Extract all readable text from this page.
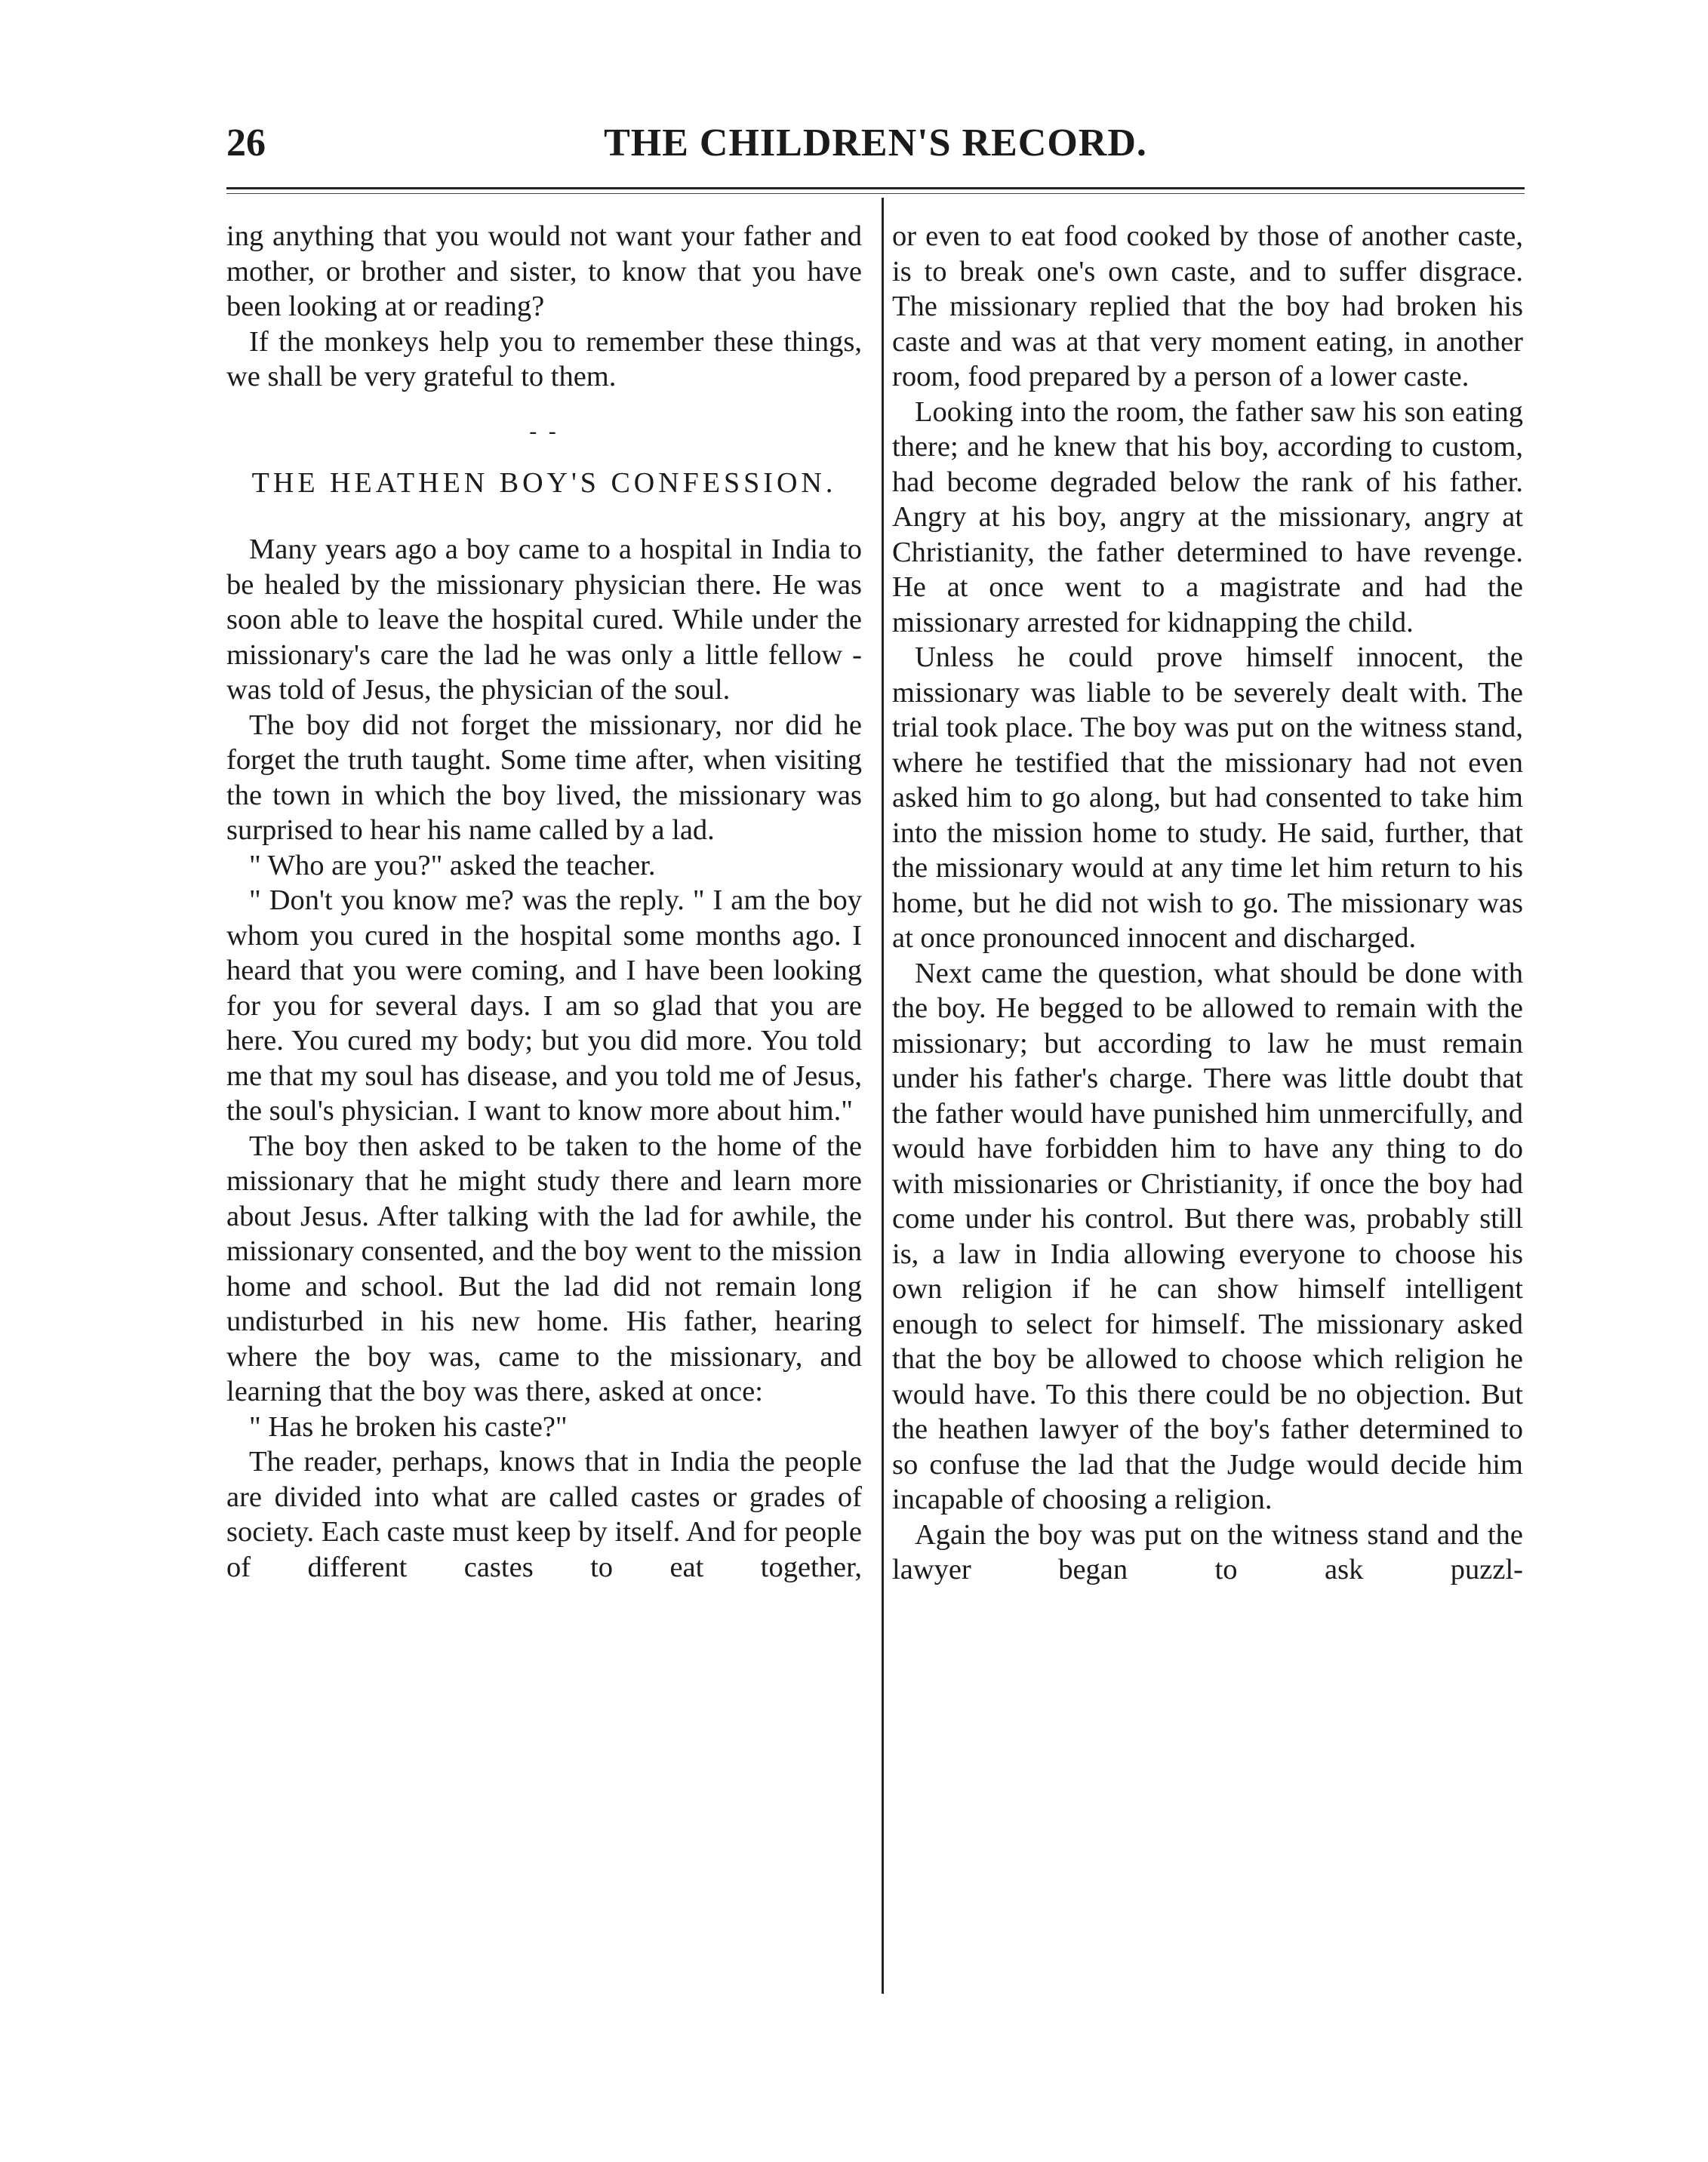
26	THE CHILDREN'S RECORD.

ing anything that you would not want your father and mother, or brother and sister, to know that you have been looking at or reading?

If the monkeys help you to remember these things, we shall be very grateful to them.

- -
THE HEATHEN BOY'S CONFESSION.

Many years ago a boy came to a hospital in India to be healed by the missionary physician there. He was soon able to leave the hospital cured. While under the missionary's care the lad he was only a little fellow - was told of Jesus, the physician of the soul.

The boy did not forget the missionary, nor did he forget the truth taught. Some time after, when visiting the town in which the boy lived, the missionary was surprised to hear his name called by a lad.

" Who are you?" asked the teacher.

" Don't you know me? was the reply. " I am the boy whom you cured in the hospital some months ago. I heard that you were coming, and I have been looking for you for several days. I am so glad that you are here. You cured my body; but you did more. You told me that my soul has disease, and you told me of Jesus, the soul's physician. I want to know more about him."

The boy then asked to be taken to the home of the missionary that he might study there and learn more about Jesus. After talking with the lad for awhile, the missionary consented, and the boy went to the mission home and school. But the lad did not remain long undisturbed in his new home. His father, hearing where the boy was, came to the missionary, and learning that the boy was there, asked at once:

" Has he broken his caste?"

The reader, perhaps, knows that in India the people are divided into what are called castes or grades of society. Each caste must keep by itself. And for people of different castes to eat together,

or even to eat food cooked by those of another caste, is to break one's own caste, and to suffer disgrace. The missionary replied that the boy had broken his caste and was at that very moment eating, in another room, food prepared by a person of a lower caste.

Looking into the room, the father saw his son eating there; and he knew that his boy, according to custom, had become degraded below the rank of his father. Angry at his boy, angry at the missionary, angry at Christianity, the father determined to have revenge. He at once went to a magistrate and had the missionary arrested for kidnapping the child.

Unless he could prove himself innocent, the missionary was liable to be severely dealt with. The trial took place. The boy was put on the witness stand, where he testified that the missionary had not even asked him to go along, but had consented to take him into the mission home to study. He said, further, that the missionary would at any time let him return to his home, but he did not wish to go. The missionary was at once pronounced innocent and discharged.

Next came the question, what should be done with the boy. He begged to be allowed to remain with the missionary; but according to law he must remain under his father's charge. There was little doubt that the father would have punished him unmercifully, and would have forbidden him to have any thing to do with missionaries or Christianity, if once the boy had come under his control. But there was, probably still is, a law in India allowing everyone to choose his own religion if he can show himself intelligent enough to select for himself. The missionary asked that the boy be allowed to choose which religion he would have. To this there could be no objection. But the heathen lawyer of the boy's father determined to so confuse the lad that the Judge would decide him incapable of choosing a religion.

Again the boy was put on the witness stand and the lawyer began to ask puzzl-
